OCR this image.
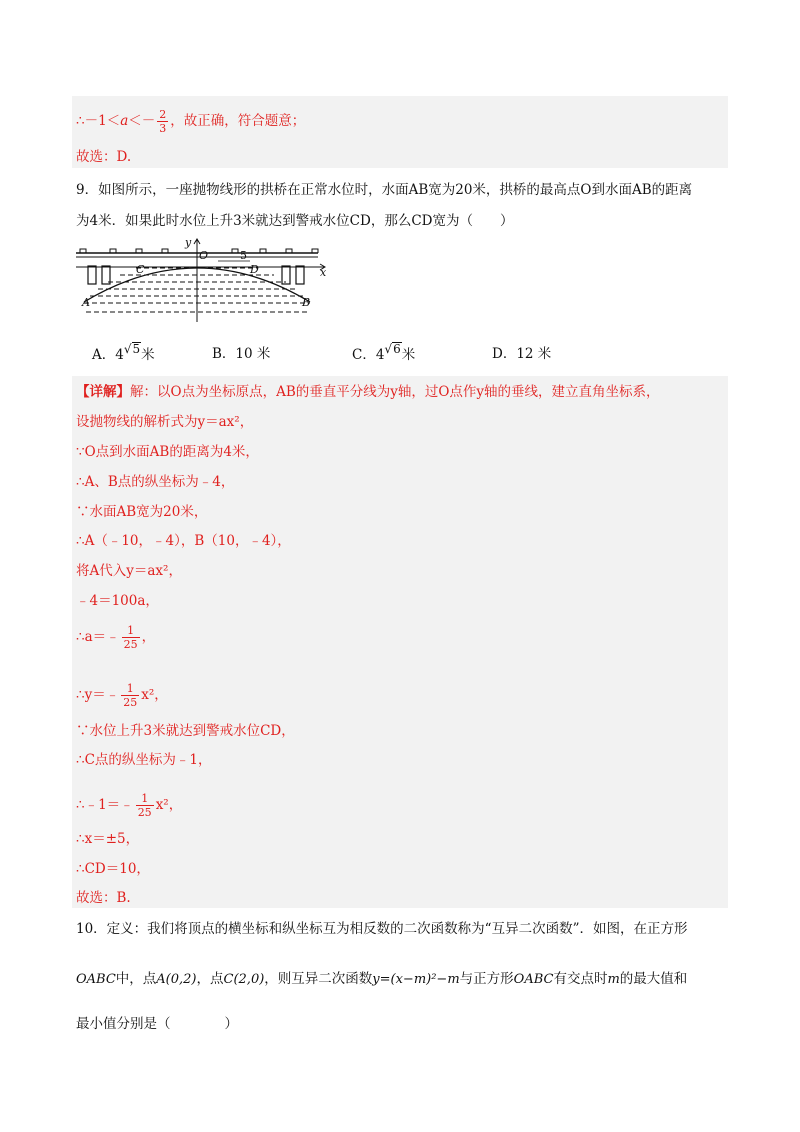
∴－1＜a＜－ $\frac{2}{3}$ ，故正确，符合题意；
故选：D.
9．如图所示，一座抛物线形的拱桥在正常水位时，水面AB宽为20米，拱桥的最高点O到水面AB的距离
为4米．如果此时水位上升3米就达到警戒水位CD，那么CD宽为（　　）
y
O
C	D	x
A	B
5
A．4√5米	B．10 米	C．4√6米	D．12 米
【详解】解：以O点为坐标原点，AB的垂直平分线为y轴，过O点作y轴的垂线，建立直角坐标系，
设抛物线的解析式为y＝ax²，
∵O点到水面AB的距离为4米，
∴A、B点的纵坐标为﹣4，
∵水面AB宽为20米，
∴A（﹣10，﹣4），B（10，﹣4），
将A代入y＝ax²，
﹣4＝100a，
∴a＝﹣ $\frac{1}{25}$ ，
∴y＝﹣ $\frac{1}{25} x^2$，
∵水位上升3米就达到警戒水位CD，
∴C点的纵坐标为﹣1，
∴﹣1＝﹣ $\frac{1}{25} x^2$，
∴x＝±5，
∴CD＝10，
故选：B.
10．定义：我们将顶点的横坐标和纵坐标互为相反数的二次函数称为“互异二次函数”．如图，在正方形
OABC中，点A(0,2)，点C(2,0)，则互异二次函数y=(x−m)²−m与正方形OABC有交点时m的最大值和
最小值分别是（　　　　）
